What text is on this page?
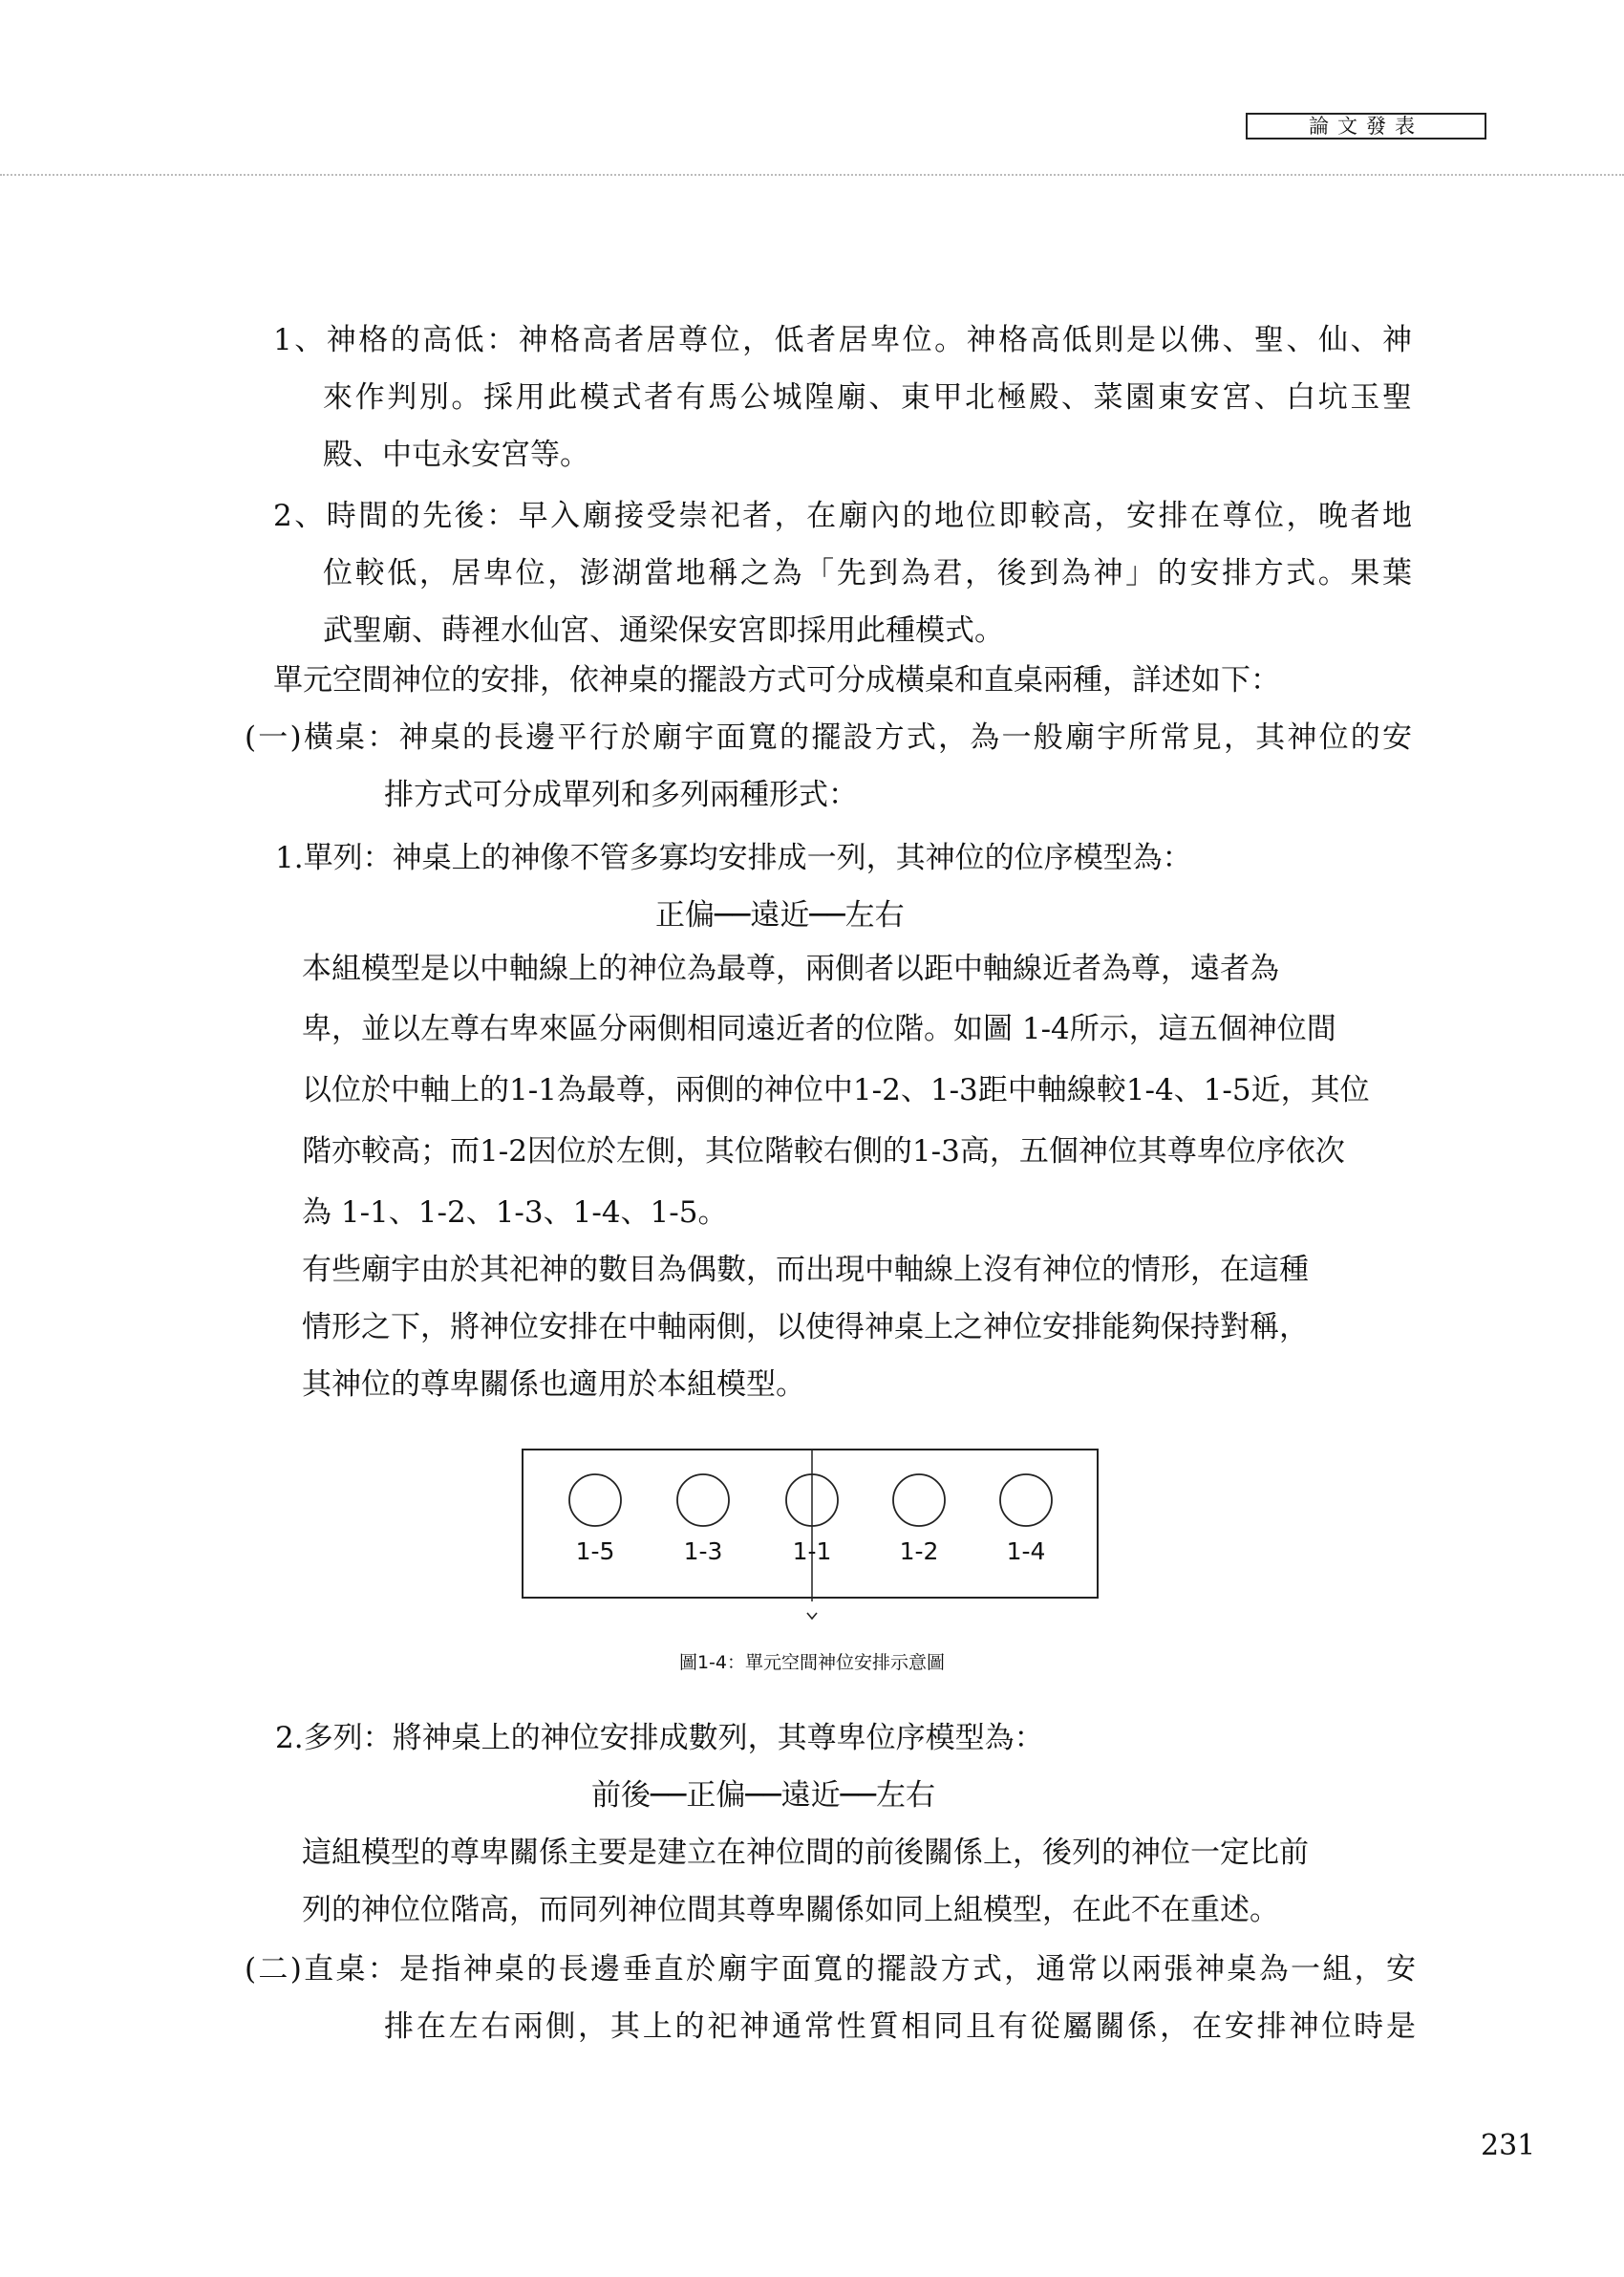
論文發表
1、神格的高低：神格高者居尊位，低者居卑位。神格高低則是以佛、聖、仙、神
來作判別。採用此模式者有馬公城隍廟、東甲北極殿、菜園東安宮、白坑玉聖
殿、中屯永安宮等。
2、時間的先後：早入廟接受崇祀者，在廟內的地位即較高，安排在尊位，晚者地
位較低，居卑位，澎湖當地稱之為「先到為君，後到為神」的安排方式。果葉
武聖廟、蒔裡水仙宮、通梁保安宮即採用此種模式。
單元空間神位的安排，依神桌的擺設方式可分成橫桌和直桌兩種，詳述如下：
(一)橫桌：神桌的長邊平行於廟宇面寬的擺設方式，為一般廟宇所常見，其神位的安
排方式可分成單列和多列兩種形式：
1.單列：神桌上的神像不管多寡均安排成一列，其神位的位序模型為：
正偏──遠近──左右
本組模型是以中軸線上的神位為最尊，兩側者以距中軸線近者為尊，遠者為
卑，並以左尊右卑來區分兩側相同遠近者的位階。如圖 1-4所示，這五個神位間
以位於中軸上的1-1為最尊，兩側的神位中1-2、1-3距中軸線較1-4、1-5近，其位
階亦較高；而1-2因位於左側，其位階較右側的1-3高，五個神位其尊卑位序依次
為 1-1、1-2、1-3、1-4、1-5。
有些廟宇由於其祀神的數目為偶數，而出現中軸線上沒有神位的情形，在這種
情形之下，將神位安排在中軸兩側，以使得神桌上之神位安排能夠保持對稱，
其神位的尊卑關係也適用於本組模型。
1-5	1-3	1-1	1-2	1-4
圖1-4：單元空間神位安排示意圖
2.多列：將神桌上的神位安排成數列，其尊卑位序模型為：
前後──正偏──遠近──左右
這組模型的尊卑關係主要是建立在神位間的前後關係上，後列的神位一定比前
列的神位位階高，而同列神位間其尊卑關係如同上組模型，在此不在重述。
(二)直桌：是指神桌的長邊垂直於廟宇面寬的擺設方式，通常以兩張神桌為一組，安
排在左右兩側，其上的祀神通常性質相同且有從屬關係，在安排神位時是
231
